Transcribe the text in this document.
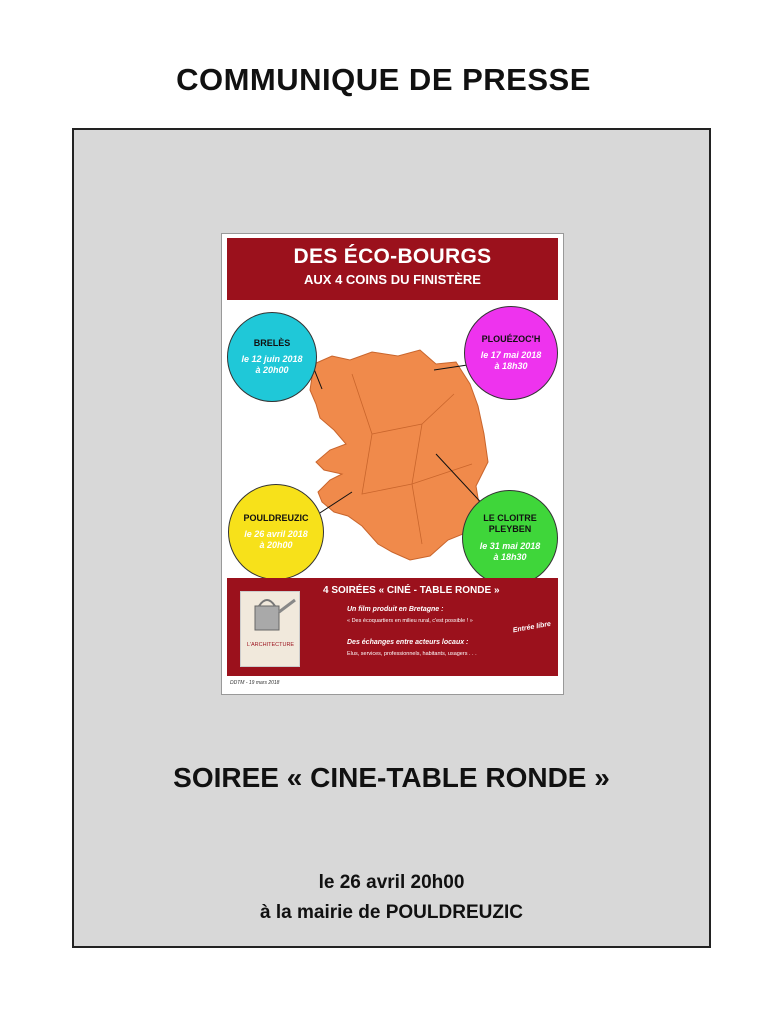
COMMUNIQUE DE PRESSE
DES ÉCO-BOURGS
AUX 4 COINS DU FINISTÈRE
BRELÈS
le 12 juin 2018
à 20h00
PLOUÉZOC'H
le 17 mai 2018
à 18h30
POULDREUZIC
le 26 avril 2018
à 20h00
LE CLOITRE PLEYBEN
le 31 mai 2018
à 18h30
L'ARCHITECTURE
4 SOIRÉES « CINÉ - TABLE RONDE »
Un film produit en Bretagne :
« Des écoquartiers en milieu rural, c'est possible ! »
Des échanges entre acteurs locaux :
Elus, services, professionnels, habitants, usagers . . .
Entrée libre
DDTM - 19 mars 2018
SOIREE « CINE-TABLE RONDE »
le 26 avril 20h00
à la mairie de POULDREUZIC
